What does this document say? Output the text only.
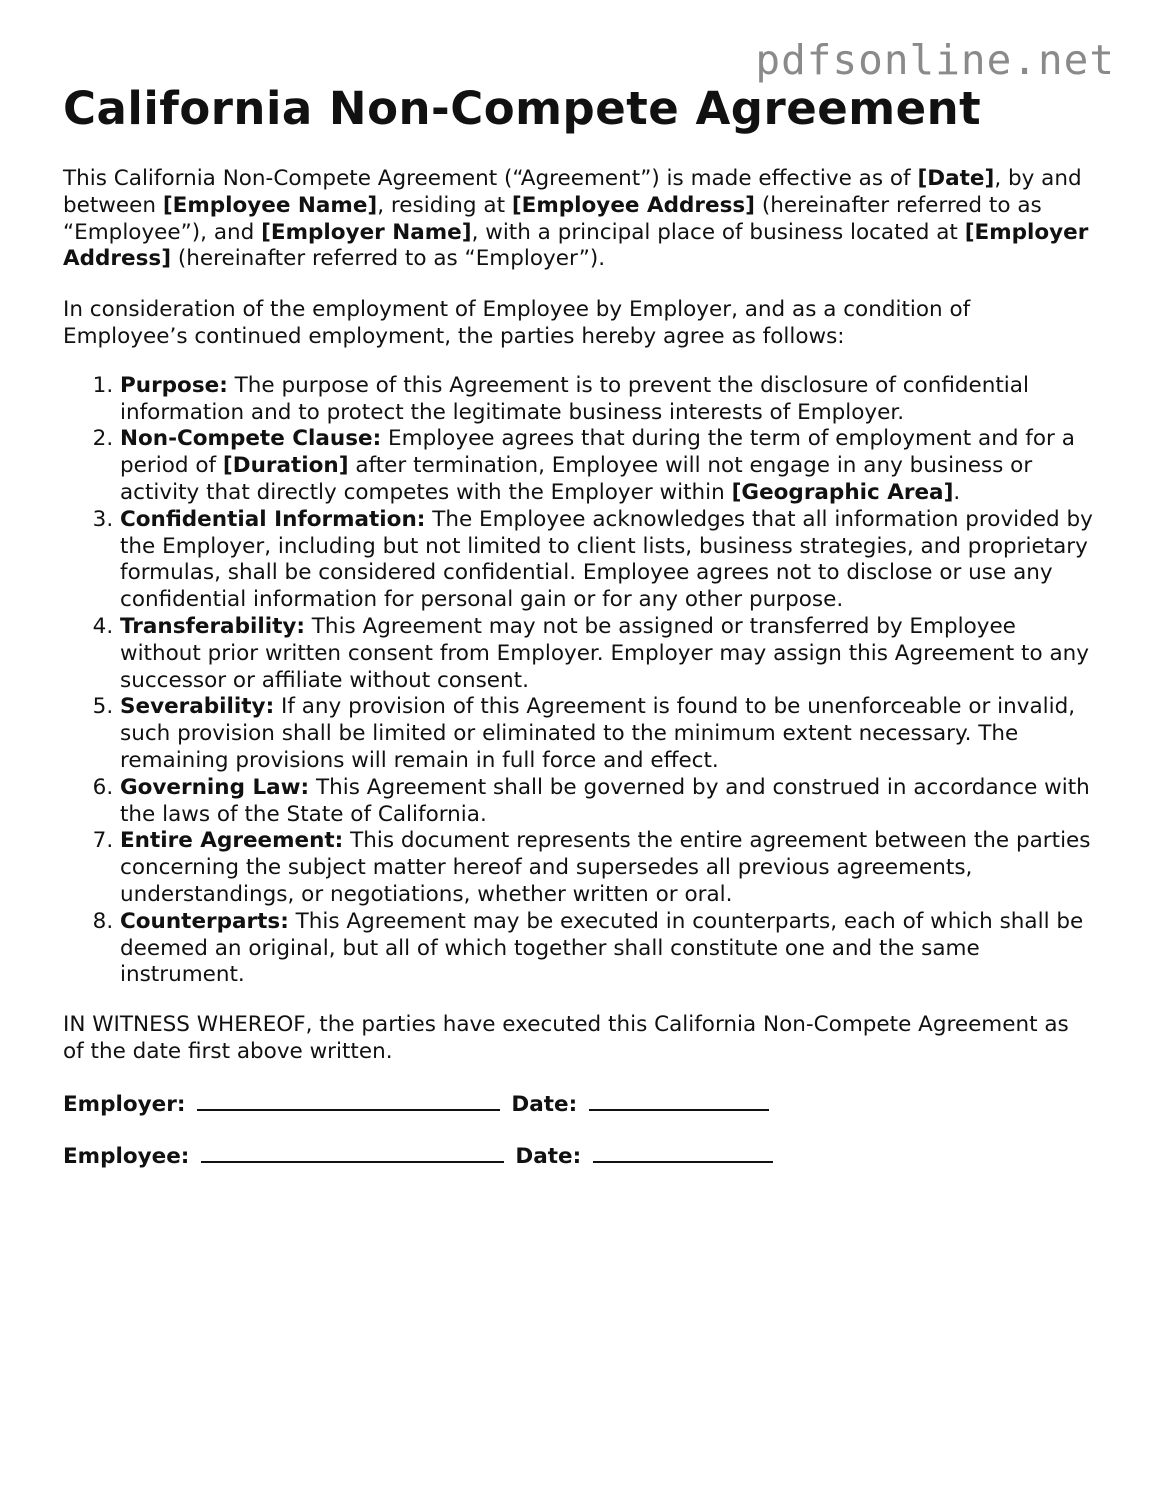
pdfsonline.net
California Non-Compete Agreement

This California Non-Compete Agreement (“Agreement”) is made effective as of [Date], by and between [Employee Name], residing at [Employee Address] (hereinafter referred to as “Employee”), and [Employer Name], with a principal place of business located at [Employer Address] (hereinafter referred to as “Employer”).

In consideration of the employment of Employee by Employer, and as a condition of Employee’s continued employment, the parties hereby agree as follows:

1. Purpose: The purpose of this Agreement is to prevent the disclosure of confidential information and to protect the legitimate business interests of Employer.
2. Non-Compete Clause: Employee agrees that during the term of employment and for a period of [Duration] after termination, Employee will not engage in any business or activity that directly competes with the Employer within [Geographic Area].
3. Confidential Information: The Employee acknowledges that all information provided by the Employer, including but not limited to client lists, business strategies, and proprietary formulas, shall be considered confidential. Employee agrees not to disclose or use any confidential information for personal gain or for any other purpose.
4. Transferability: This Agreement may not be assigned or transferred by Employee without prior written consent from Employer. Employer may assign this Agreement to any successor or affiliate without consent.
5. Severability: If any provision of this Agreement is found to be unenforceable or invalid, such provision shall be limited or eliminated to the minimum extent necessary. The remaining provisions will remain in full force and effect.
6. Governing Law: This Agreement shall be governed by and construed in accordance with the laws of the State of California.
7. Entire Agreement: This document represents the entire agreement between the parties concerning the subject matter hereof and supersedes all previous agreements, understandings, or negotiations, whether written or oral.
8. Counterparts: This Agreement may be executed in counterparts, each of which shall be deemed an original, but all of which together shall constitute one and the same instrument.

IN WITNESS WHEREOF, the parties have executed this California Non-Compete Agreement as of the date first above written.

Employer:	Date:
Employee:	Date:
